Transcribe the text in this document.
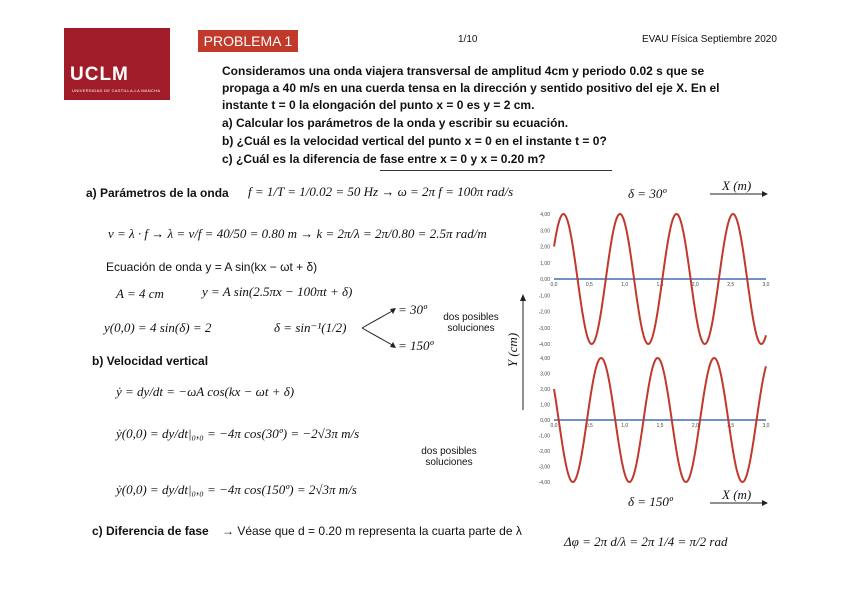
UCLM
UNIVERSIDAD DE CASTILLA-LA MANCHA
PROBLEMA 1	1/10	EVAU Física Septiembre 2020
Consideramos una onda viajera transversal de amplitud 4cm y periodo 0.02 s que se
propaga a 40 m/s en una cuerda tensa en la dirección y sentido positivo del eje X. En el
instante t = 0 la elongación del punto x = 0 es y = 2 cm.
a) Calcular los parámetros de la onda y escribir su ecuación.
b) ¿Cuál es la velocidad vertical del punto x = 0 en el instante t = 0?
c) ¿Cuál es la diferencia de fase entre x = 0 y x = 0.20 m?
a) Parámetros de la onda f = 1/T = 1/0.02 = 50 Hz → ω = 2π f = 100π rad/s
v = λ · f → λ = v/f = 40/50 = 0.80 m → k = 2π/λ = 2π/0.80 = 2.5π rad/m
Ecuación de onda y = A sin(kx − ωt + δ)
A = 4 cm	y = A sin(2.5πx − 100πt + δ)
y(0,0) = 4 sin(δ) = 2	δ = sin⁻¹(1/2)
= 30º
= 150º
dos posibles soluciones
b) Velocidad vertical
ẏ = dy/dt = −ωA cos(kx − ωt + δ)
ẏ(0,0) = dy/dt|₀,₀ = −4π cos(30º) = −2√3π m/s
dos posibles soluciones
ẏ(0,0) = dy/dt|₀,₀ = −4π cos(150º) = 2√3π m/s
c) Diferencia de fase → Véase que d = 0.20 m representa la cuarta parte de λ
Δφ = 2π d/λ = 2π 1/4 = π/2 rad
δ = 30º
X (m)
δ = 150º	X (m)
Y (cm)
4,00
3,00
2,00
1,00
0,00
-1,00
-2,00
-3,00
-4,00
0,0	0,5	1,0	1,5	2,0	2,5	3,0
4,00
3,00
2,00
1,00
0,00
-1,00
-2,00
-3,00
-4,00
0,0	0,5	1,0	1,5	2,0	2,5	3,0
